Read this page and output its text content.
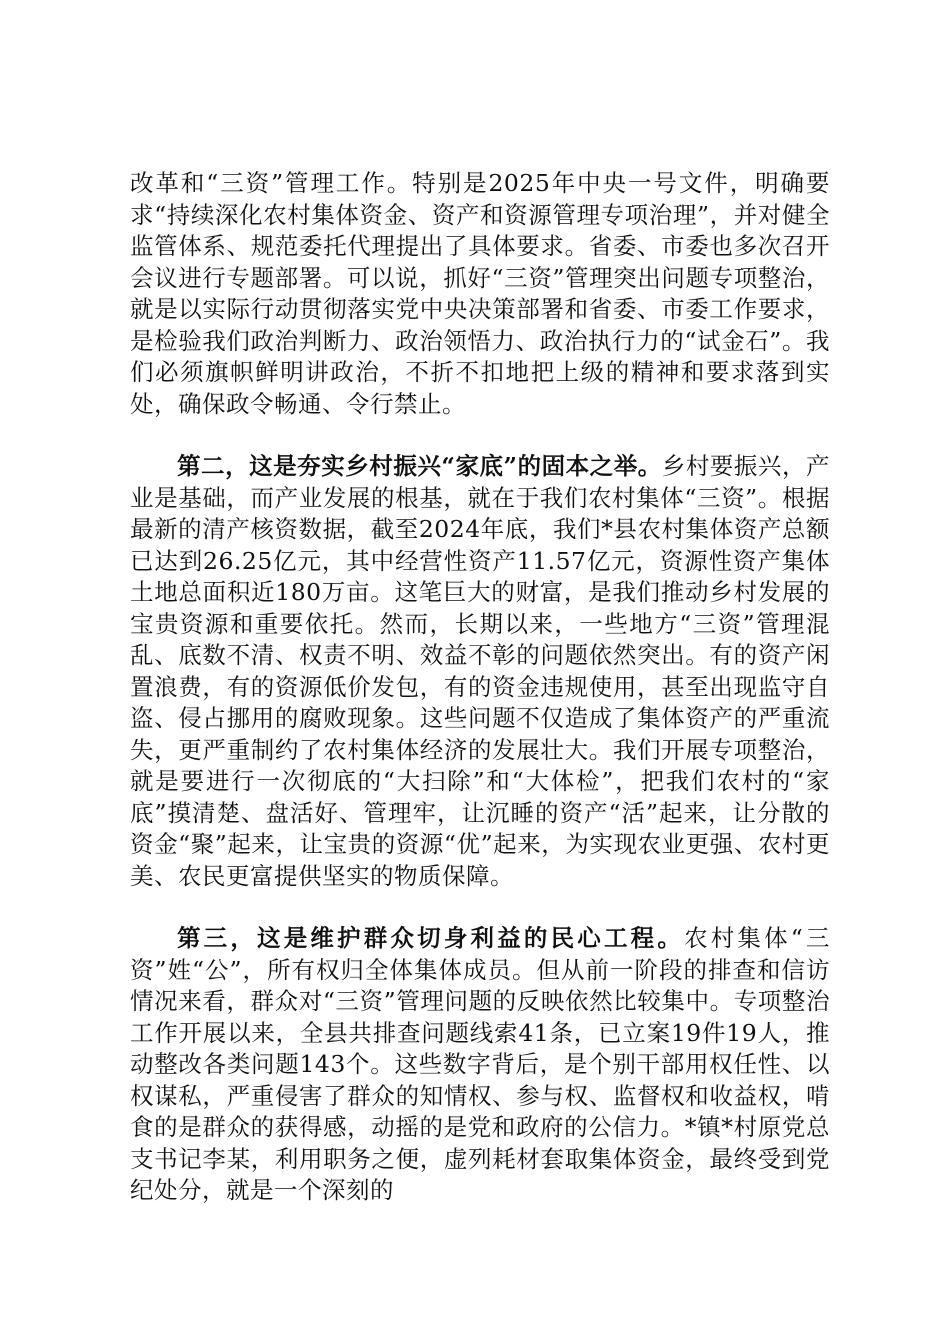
改革和“三资”管理工作。特别是2025年中央一号文件，明确要求“持续深化农村集体资金、资产和资源管理专项治理”，并对健全监管体系、规范委托代理提出了具体要求。省委、市委也多次召开会议进行专题部署。可以说，抓好“三资”管理突出问题专项整治，就是以实际行动贯彻落实党中央决策部署和省委、市委工作要求，是检验我们政治判断力、政治领悟力、政治执行力的“试金石”。我们必须旗帜鲜明讲政治，不折不扣地把上级的精神和要求落到实处，确保政令畅通、令行禁止。

第二，这是夯实乡村振兴“家底”的固本之举。乡村要振兴，产业是基础，而产业发展的根基，就在于我们农村集体“三资”。根据最新的清产核资数据，截至2024年底，我们*县农村集体资产总额已达到26.25亿元，其中经营性资产11.57亿元，资源性资产集体土地总面积近180万亩。这笔巨大的财富，是我们推动乡村发展的宝贵资源和重要依托。然而，长期以来，一些地方“三资”管理混乱、底数不清、权责不明、效益不彰的问题依然突出。有的资产闲置浪费，有的资源低价发包，有的资金违规使用，甚至出现监守自盗、侵占挪用的腐败现象。这些问题不仅造成了集体资产的严重流失，更严重制约了农村集体经济的发展壮大。我们开展专项整治，就是要进行一次彻底的“大扫除”和“大体检”，把我们农村的“家底”摸清楚、盘活好、管理牢，让沉睡的资产“活”起来，让分散的资金“聚”起来，让宝贵的资源“优”起来，为实现农业更强、农村更美、农民更富提供坚实的物质保障。

第三，这是维护群众切身利益的民心工程。农村集体“三资”姓“公”，所有权归全体集体成员。但从前一阶段的排查和信访情况来看，群众对“三资”管理问题的反映依然比较集中。专项整治工作开展以来，全县共排查问题线索41条，已立案19件19人，推动整改各类问题143个。这些数字背后，是个别干部用权任性、以权谋私，严重侵害了群众的知情权、参与权、监督权和收益权，啃食的是群众的获得感，动摇的是党和政府的公信力。*镇*村原党总支书记李某，利用职务之便，虚列耗材套取集体资金，最终受到党纪处分，就是一个深刻的
